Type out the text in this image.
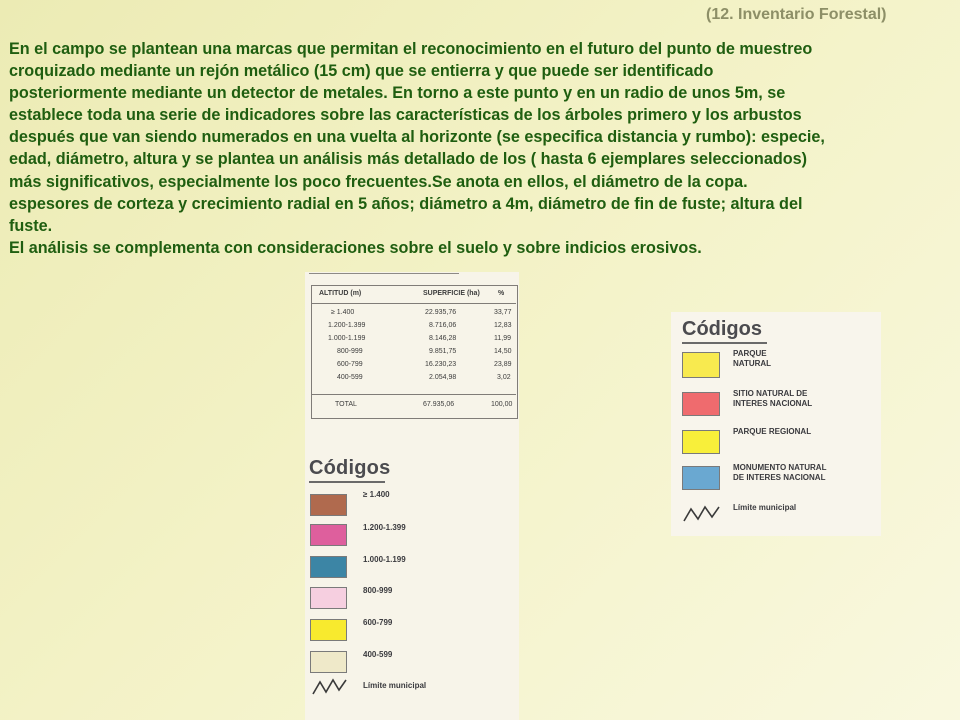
(12. Inventario Forestal)

En el campo se plantean una marcas que permitan el reconocimiento en el futuro del punto de muestreo

croquizado mediante un rejón metálico (15 cm) que se entierra y que puede ser identificado

posteriormente mediante un detector de metales. En torno a este punto y en un radio de unos 5m, se

establece toda una serie de indicadores sobre las características de los árboles primero y los arbustos

después que van siendo numerados en una vuelta al horizonte (se especifica distancia y rumbo): especie,

edad, diámetro, altura y se plantea un análisis más detallado de los ( hasta 6 ejemplares seleccionados)

más significativos, especialmente los poco frecuentes.Se anota en ellos, el diámetro de la copa.

espesores de corteza y crecimiento radial en 5 años; diámetro a 4m, diámetro de fin de fuste; altura del

fuste.

El análisis se complementa con consideraciones sobre el suelo y sobre indicios erosivos.

ALTITUD (m)	SUPERFICIE (ha)	%
≥ 1.400	22.935,76	33,77
1.200-1.399	8.716,06	12,83
1.000-1.199	8.146,28	11,99
800-999	9.851,75	14,50
600-799	16.230,23	23,89
400-599	2.054,98	3,02
TOTAL	67.935,06	100,00
Códigos
≥ 1.400
1.200-1.399
1.000-1.199
800-999
600-799
400-599
Límite municipal
Códigos
PARQUE
NATURAL
SITIO NATURAL DE
INTERES NACIONAL
PARQUE REGIONAL
MONUMENTO NATURAL
DE INTERES NACIONAL
Límite municipal
